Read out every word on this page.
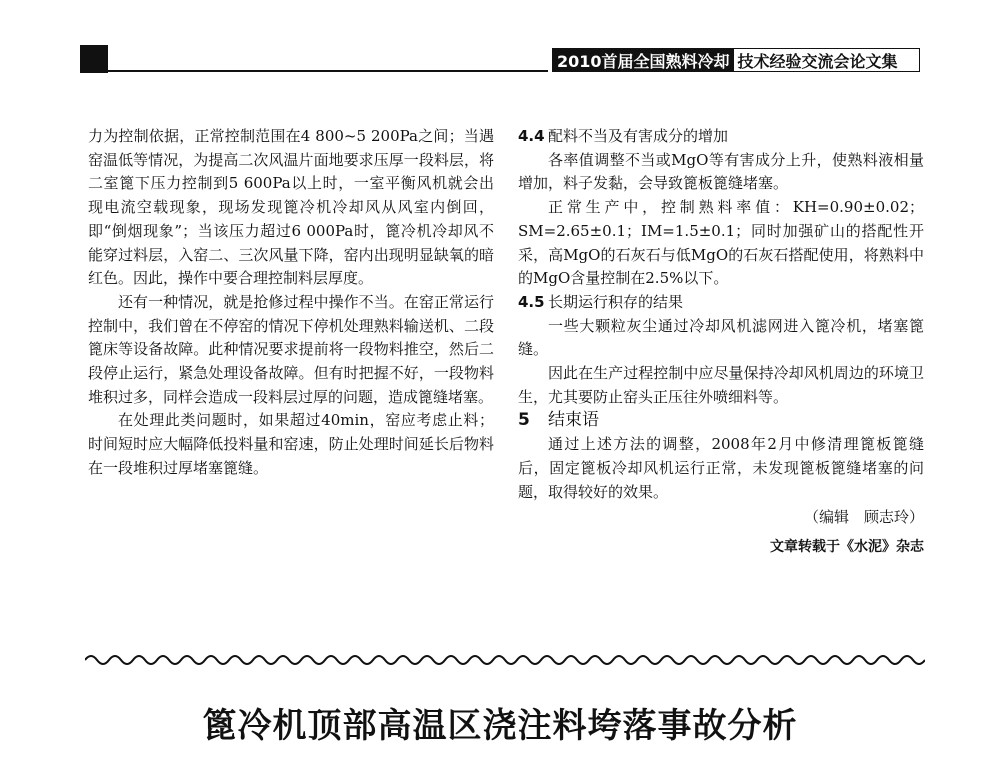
2010首届全国熟料冷却 技术经验交流会论文集

力为控制依据，正常控制范围在4 800~5 200Pa之间；当遇窑温低等情况，为提高二次风温片面地要求压厚一段料层，将二室篦下压力控制到5 600Pa以上时，一室平衡风机就会出现电流空载现象，现场发现篦冷机冷却风从风室内倒回，即“倒烟现象”；当该压力超过6 000Pa时，篦冷机冷却风不能穿过料层，入窑二、三次风量下降，窑内出现明显缺氧的暗红色。因此，操作中要合理控制料层厚度。

还有一种情况，就是抢修过程中操作不当。在窑正常运行控制中，我们曾在不停窑的情况下停机处理熟料输送机、二段篦床等设备故障。此种情况要求提前将一段物料推空，然后二段停止运行，紧急处理设备故障。但有时把握不好，一段物料堆积过多，同样会造成一段料层过厚的问题，造成篦缝堵塞。

在处理此类问题时，如果超过40min，窑应考虑止料；时间短时应大幅降低投料量和窑速，防止处理时间延长后物料在一段堆积过厚堵塞篦缝。

4.4 配料不当及有害成分的增加

各率值调整不当或MgO等有害成分上升，使熟料液相量增加，料子发黏，会导致篦板篦缝堵塞。

正常生产中，控制熟料率值：KH=0.90±0.02；SM=2.65±0.1；IM=1.5±0.1；同时加强矿山的搭配性开采，高MgO的石灰石与低MgO的石灰石搭配使用，将熟料中的MgO含量控制在2.5%以下。

4.5 长期运行积存的结果

一些大颗粒灰尘通过冷却风机滤网进入篦冷机，堵塞篦缝。

因此在生产过程控制中应尽量保持冷却风机周边的环境卫生，尤其要防止窑头正压往外喷细料等。

5 结束语

通过上述方法的调整，2008年2月中修清理篦板篦缝后，固定篦板冷却风机运行正常，未发现篦板篦缝堵塞的问题，取得较好的效果。

（编辑　顾志玲）

文章转载于《水泥》杂志

篦冷机顶部高温区浇注料垮落事故分析
